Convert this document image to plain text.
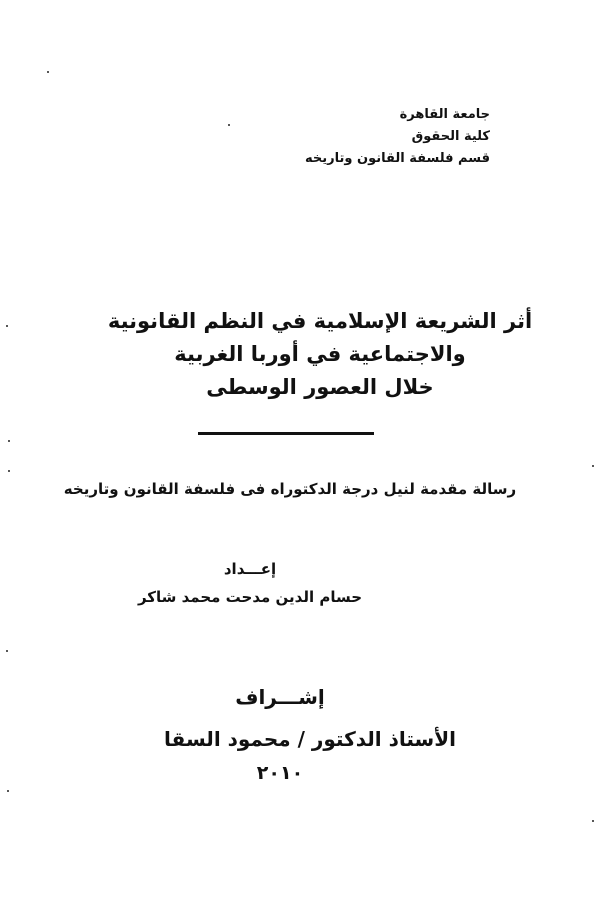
جامعة القاهرة
كلية الحقوق
قسم فلسفة القانون وتاريخه
أثر الشريعة الإسلامية في النظم القانونية
والاجتماعية في أوربا الغربية
خلال العصور الوسطى
رسالة مقدمة لنيل درجة الدكتوراه فى فلسفة القانون وتاريخه
إعـــداد
حسام الدين مدحت محمد شاكر
إشـــراف
الأستاذ الدكتور / محمود السقا
٢٠١٠
